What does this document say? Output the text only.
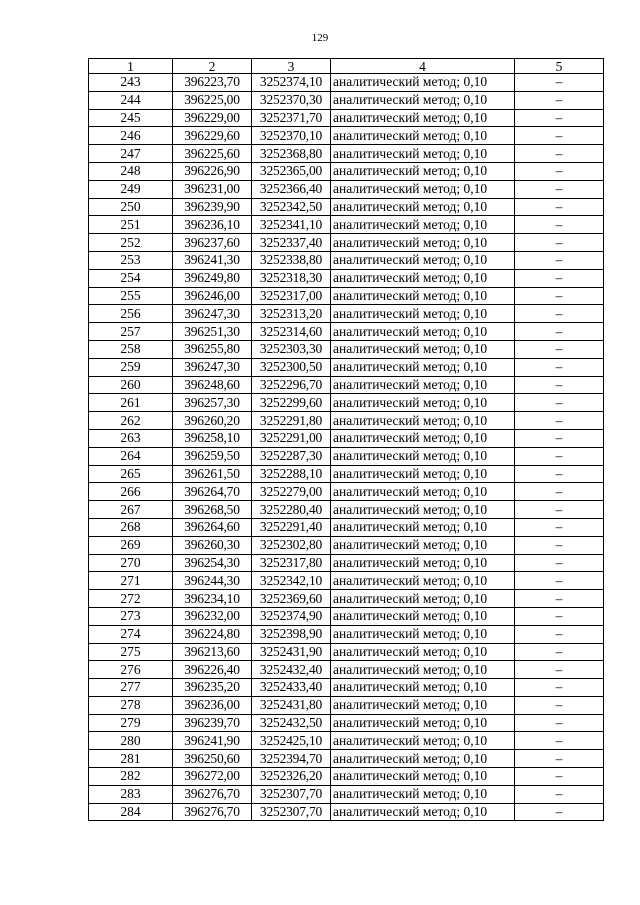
129
1	2	3	4	5
243	396223,70	3252374,10	аналитический метод; 0,10	–
244	396225,00	3252370,30	аналитический метод; 0,10	–
245	396229,00	3252371,70	аналитический метод; 0,10	–
246	396229,60	3252370,10	аналитический метод; 0,10	–
247	396225,60	3252368,80	аналитический метод; 0,10	–
248	396226,90	3252365,00	аналитический метод; 0,10	–
249	396231,00	3252366,40	аналитический метод; 0,10	–
250	396239,90	3252342,50	аналитический метод; 0,10	–
251	396236,10	3252341,10	аналитический метод; 0,10	–
252	396237,60	3252337,40	аналитический метод; 0,10	–
253	396241,30	3252338,80	аналитический метод; 0,10	–
254	396249,80	3252318,30	аналитический метод; 0,10	–
255	396246,00	3252317,00	аналитический метод; 0,10	–
256	396247,30	3252313,20	аналитический метод; 0,10	–
257	396251,30	3252314,60	аналитический метод; 0,10	–
258	396255,80	3252303,30	аналитический метод; 0,10	–
259	396247,30	3252300,50	аналитический метод; 0,10	–
260	396248,60	3252296,70	аналитический метод; 0,10	–
261	396257,30	3252299,60	аналитический метод; 0,10	–
262	396260,20	3252291,80	аналитический метод; 0,10	–
263	396258,10	3252291,00	аналитический метод; 0,10	–
264	396259,50	3252287,30	аналитический метод; 0,10	–
265	396261,50	3252288,10	аналитический метод; 0,10	–
266	396264,70	3252279,00	аналитический метод; 0,10	–
267	396268,50	3252280,40	аналитический метод; 0,10	–
268	396264,60	3252291,40	аналитический метод; 0,10	–
269	396260,30	3252302,80	аналитический метод; 0,10	–
270	396254,30	3252317,80	аналитический метод; 0,10	–
271	396244,30	3252342,10	аналитический метод; 0,10	–
272	396234,10	3252369,60	аналитический метод; 0,10	–
273	396232,00	3252374,90	аналитический метод; 0,10	–
274	396224,80	3252398,90	аналитический метод; 0,10	–
275	396213,60	3252431,90	аналитический метод; 0,10	–
276	396226,40	3252432,40	аналитический метод; 0,10	–
277	396235,20	3252433,40	аналитический метод; 0,10	–
278	396236,00	3252431,80	аналитический метод; 0,10	–
279	396239,70	3252432,50	аналитический метод; 0,10	–
280	396241,90	3252425,10	аналитический метод; 0,10	–
281	396250,60	3252394,70	аналитический метод; 0,10	–
282	396272,00	3252326,20	аналитический метод; 0,10	–
283	396276,70	3252307,70	аналитический метод; 0,10	–
284	396276,70	3252307,70	аналитический метод; 0,10	–
